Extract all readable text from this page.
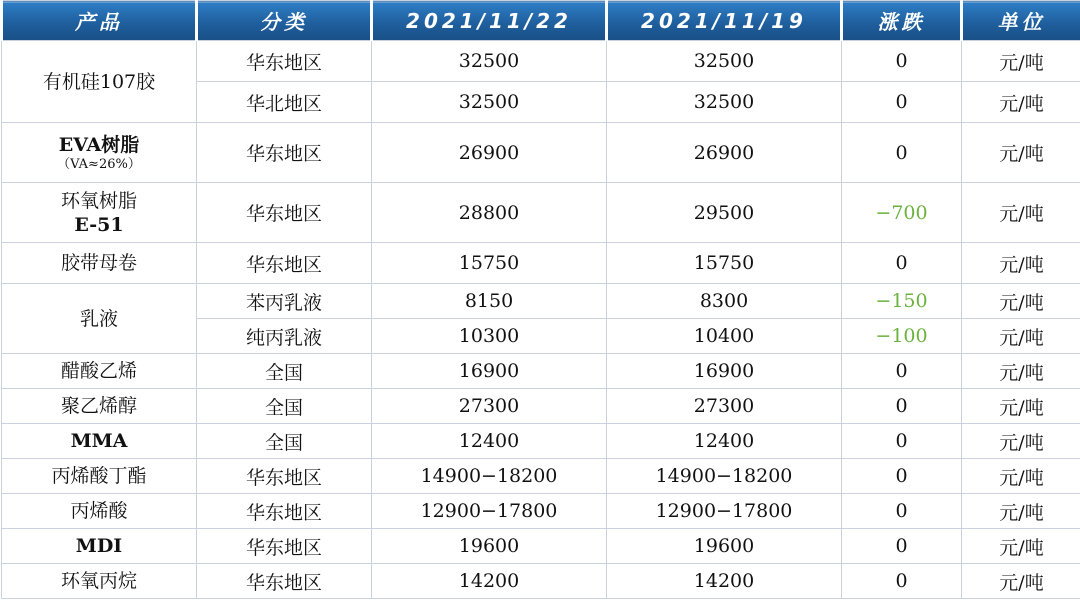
产品	分类	2021/11/22	2021/11/19	涨跌	单位
有机硅107胶	华东地区	32500	32500	0	元/吨
	华北地区	32500	32500	0	元/吨
EVA树脂
（VA≈26%）	华东地区	26900	26900	0	元/吨

环氧树脂
E-51	华东地区	28800	29500	−700	元/吨
胶带母卷	华东地区	15750	15750	0	元/吨
乳液	苯丙乳液	8150	8300	−150	元/吨
	纯丙乳液	10300	10400	−100	元/吨
醋酸乙烯	全国	16900	16900	0	元/吨
聚乙烯醇	全国	27300	27300	0	元/吨
MMA	全国	12400	12400	0	元/吨
丙烯酸丁酯	华东地区	14900−18200	14900−18200	0	元/吨
丙烯酸	华东地区	12900−17800	12900−17800	0	元/吨
MDI	华东地区	19600	19600	0	元/吨
环氧丙烷	华东地区	14200	14200	0	元/吨
